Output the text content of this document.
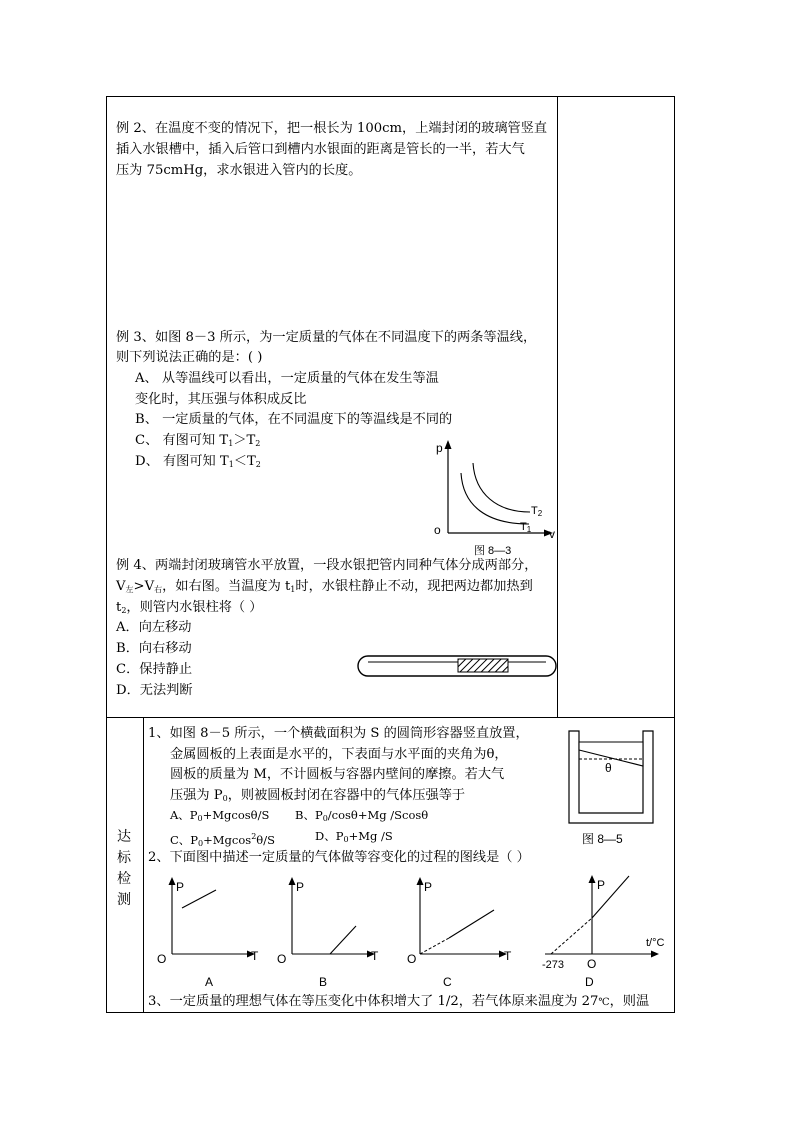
例 2、在温度不变的情况下，把一根长为 100cm，上端封闭的玻璃管竖直
插入水银槽中，插入后管口到槽内水银面的距离是管长的一半，若大气
压为 75cmHg，求水银进入管内的长度。
例 3、如图 8－3 所示，为一定质量的气体在不同温度下的两条等温线，
则下列说法正确的是：( )
A、 从等温线可以看出，一定质量的气体在发生等温
变化时，其压强与体积成反比
B、 一定质量的气体，在不同温度下的等温线是不同的
C、 有图可知 $T_1>T_2$
D、 有图可知 $T_1<T_2$
p
o	v
T2
T1
图 8—3
例 4、两端封闭玻璃管水平放置，一段水银把管内同种气体分成两部分，
$V_左>V_右$，如右图。当温度为 $t_1$时，水银柱静止不动，现把两边都加热到
$t_2$，则管内水银柱将（ ）
A．向左移动
B．向右移动
C．保持静止
D．无法判断
达
标
检
测
1、如图 8－5 所示，一个横截面积为 S 的圆筒形容器竖直放置，
金属圆板的上表面是水平的，下表面与水平面的夹角为θ，
圆板的质量为 M，不计圆板与容器内壁间的摩擦。若大气
压强为 $P_0$，则被圆板封闭在容器中的气体压强等于
A、$P_0+Mgcos\theta/S$ B、$P_0/\cos\theta+Mg$ /Scosθ
C、$P_0+Mgcos^2\theta/S$	D、$P_0+Mg$ /S
θ
图 8—5
2、下面图中描述一定质量的气体做等容变化的过程的图线是（ ）
P
O	T
A
P
O	T
B
P
O	T
C
P
O
t/°C
-273
D
3、一定质量的理想气体在等压变化中体积增大了 1/2，若气体原来温度为 27℃，则温
